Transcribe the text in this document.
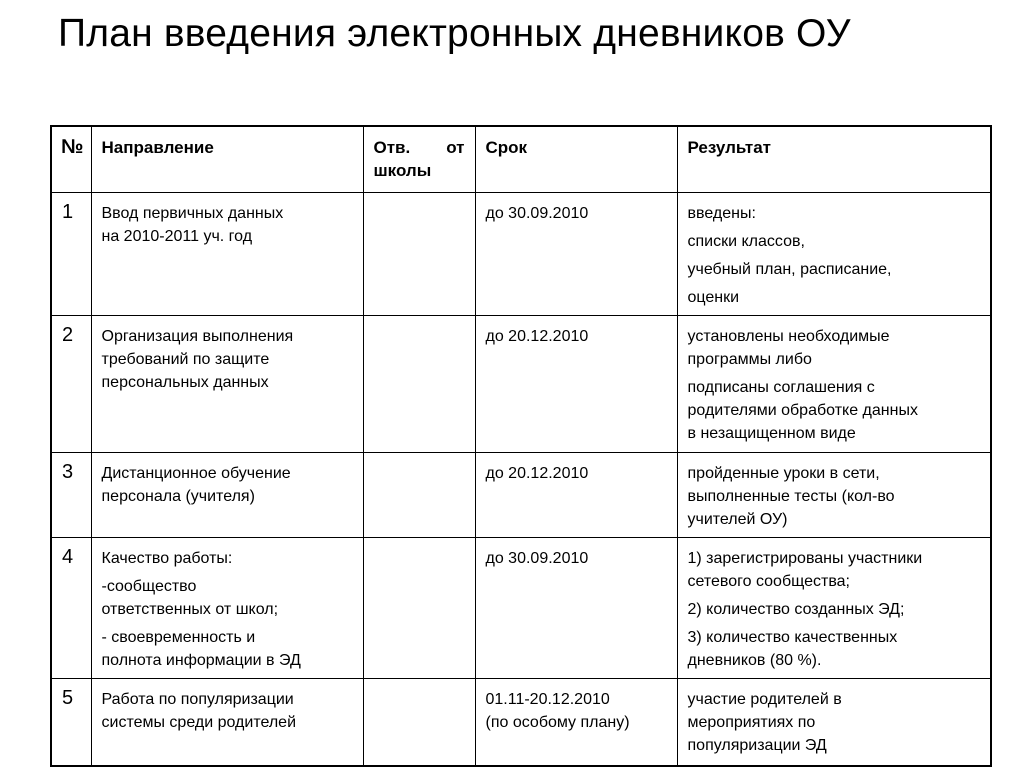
План введения электронных дневников ОУ
№	Направление	Отв. от
школы	Срок	Результат

1	Ввод первичных данных
на 2010-2011 уч. год		до 30.09.2010	введены:
списки классов,
учебный план, расписание,
оценки

2	Организация выполнения
требований по защите
персональных данных		до 20.12.2010	установлены необходимые
программы либо
подписаны соглашения с
родителями обработке данных
в незащищенном виде

3	Дистанционное обучение
персонала (учителя)		до 20.12.2010	пройденные уроки в сети,
выполненные тесты (кол-во
учителей ОУ)

4	Качество работы:
-сообщество
ответственных от школ;
- своевременность и
полнота информации в ЭД		до 30.09.2010	1) зарегистрированы участники
сетевого сообщества;
2) количество созданных ЭД;
3) количество качественных
дневников (80 %).

5	Работа по популяризации
системы среди родителей		01.11-20.12.2010
(по особому плану)	участие родителей в
мероприятиях по
популяризации ЭД
